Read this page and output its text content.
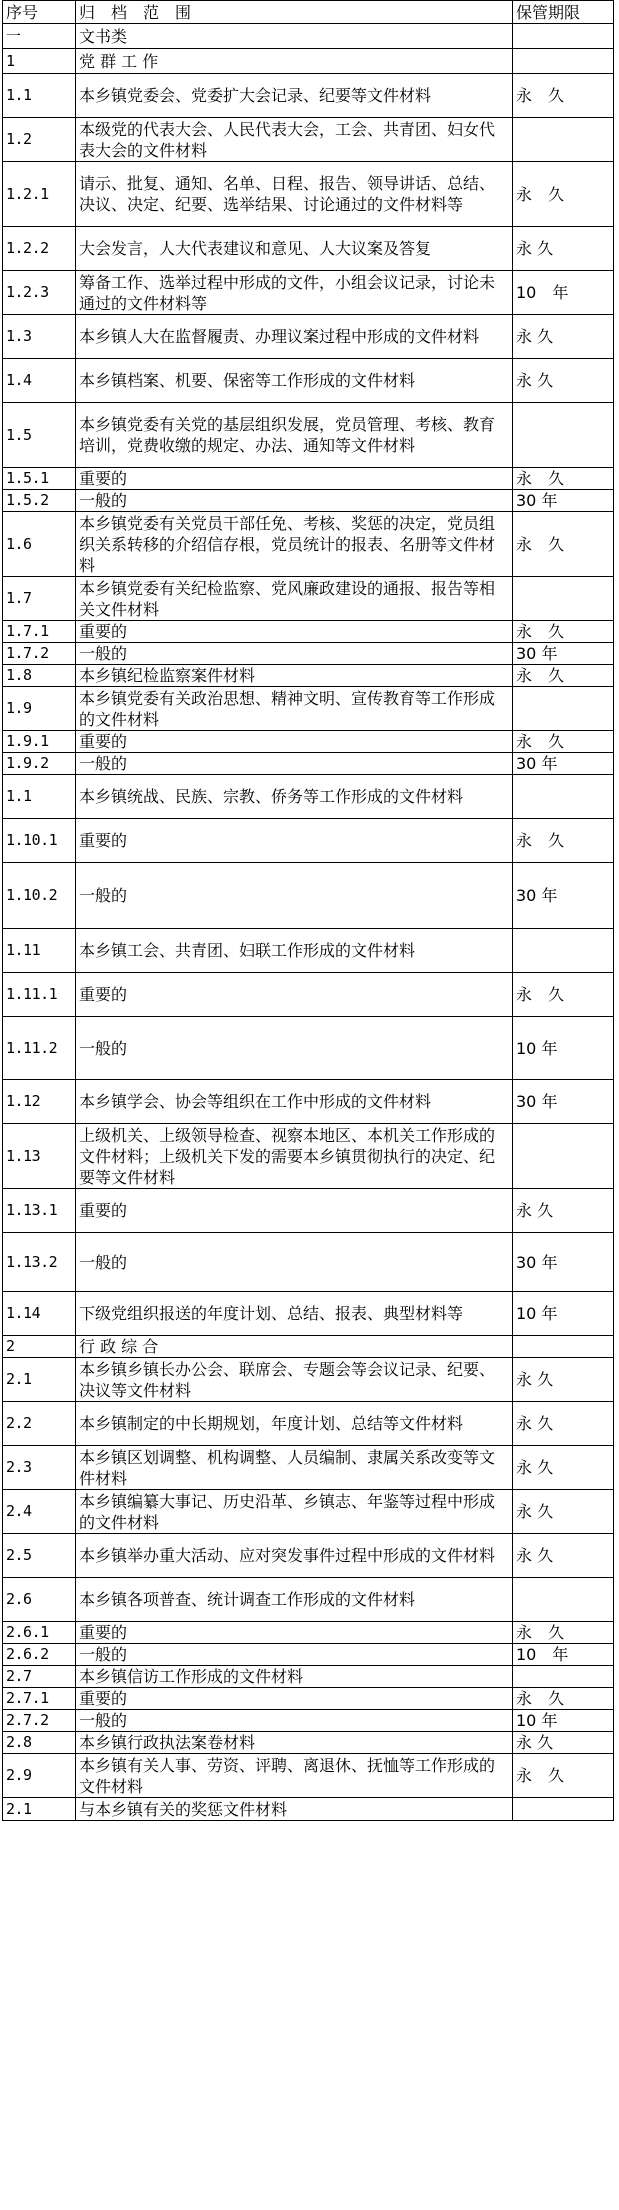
序号	归　档　范　围	保管期限
一	文书类	
1	党 群 工 作	
1.1	本乡镇党委会、党委扩大会记录、纪要等文件材料	永　久
1.2	本级党的代表大会、人民代表大会，工会、共青团、妇女代表大会的文件材料	
1.2.1	请示、批复、通知、名单、日程、报告、领导讲话、总结、决议、决定、纪要、选举结果、讨论通过的文件材料等	永　久
1.2.2	大会发言，人大代表建议和意见、人大议案及答复	永 久
1.2.3	筹备工作、选举过程中形成的文件，小组会议记录，讨论未通过的文件材料等	10　年
1.3	本乡镇人大在监督履责、办理议案过程中形成的文件材料	永 久
1.4	本乡镇档案、机要、保密等工作形成的文件材料	永 久
1.5	本乡镇党委有关党的基层组织发展，党员管理、考核、教育培训，党费收缴的规定、办法、通知等文件材料	
1.5.1	重要的	永　久
1.5.2	一般的	30 年
1.6	本乡镇党委有关党员干部任免、考核、奖惩的决定，党员组织关系转移的介绍信存根，党员统计的报表、名册等文件材料	永　久
1.7	本乡镇党委有关纪检监察、党风廉政建设的通报、报告等相关文件材料	
1.7.1	重要的	永　久
1.7.2	一般的	30 年
1.8	本乡镇纪检监察案件材料	永　久
1.9	本乡镇党委有关政治思想、精神文明、宣传教育等工作形成的文件材料	
1.9.1	重要的	永　久
1.9.2	一般的	30 年
1.1	本乡镇统战、民族、宗教、侨务等工作形成的文件材料	
1.10.1	重要的	永　久
1.10.2	一般的	30 年
1.11	本乡镇工会、共青团、妇联工作形成的文件材料	
1.11.1	重要的	永　久
1.11.2	一般的	10 年
1.12	本乡镇学会、协会等组织在工作中形成的文件材料	30 年
1.13	上级机关、上级领导检查、视察本地区、本机关工作形成的文件材料；上级机关下发的需要本乡镇贯彻执行的决定、纪要等文件材料	
1.13.1	重要的	永 久
1.13.2	一般的	30 年
1.14	下级党组织报送的年度计划、总结、报表、典型材料等	10 年
2	行 政 综 合	
2.1	本乡镇乡镇长办公会、联席会、专题会等会议记录、纪要、决议等文件材料	永 久
2.2	本乡镇制定的中长期规划，年度计划、总结等文件材料	永 久
2.3	本乡镇区划调整、机构调整、人员编制、隶属关系改变等文件材料	永 久
2.4	本乡镇编纂大事记、历史沿革、乡镇志、年鉴等过程中形成的文件材料	永 久
2.5	本乡镇举办重大活动、应对突发事件过程中形成的文件材料	永 久
2.6	本乡镇各项普查、统计调查工作形成的文件材料	
2.6.1	重要的	永　久
2.6.2	一般的	10　年
2.7	本乡镇信访工作形成的文件材料	
2.7.1	重要的	永　久
2.7.2	一般的	10 年
2.8	本乡镇行政执法案卷材料	永 久
2.9	本乡镇有关人事、劳资、评聘、离退休、抚恤等工作形成的文件材料	永　久
2.1	与本乡镇有关的奖惩文件材料	
